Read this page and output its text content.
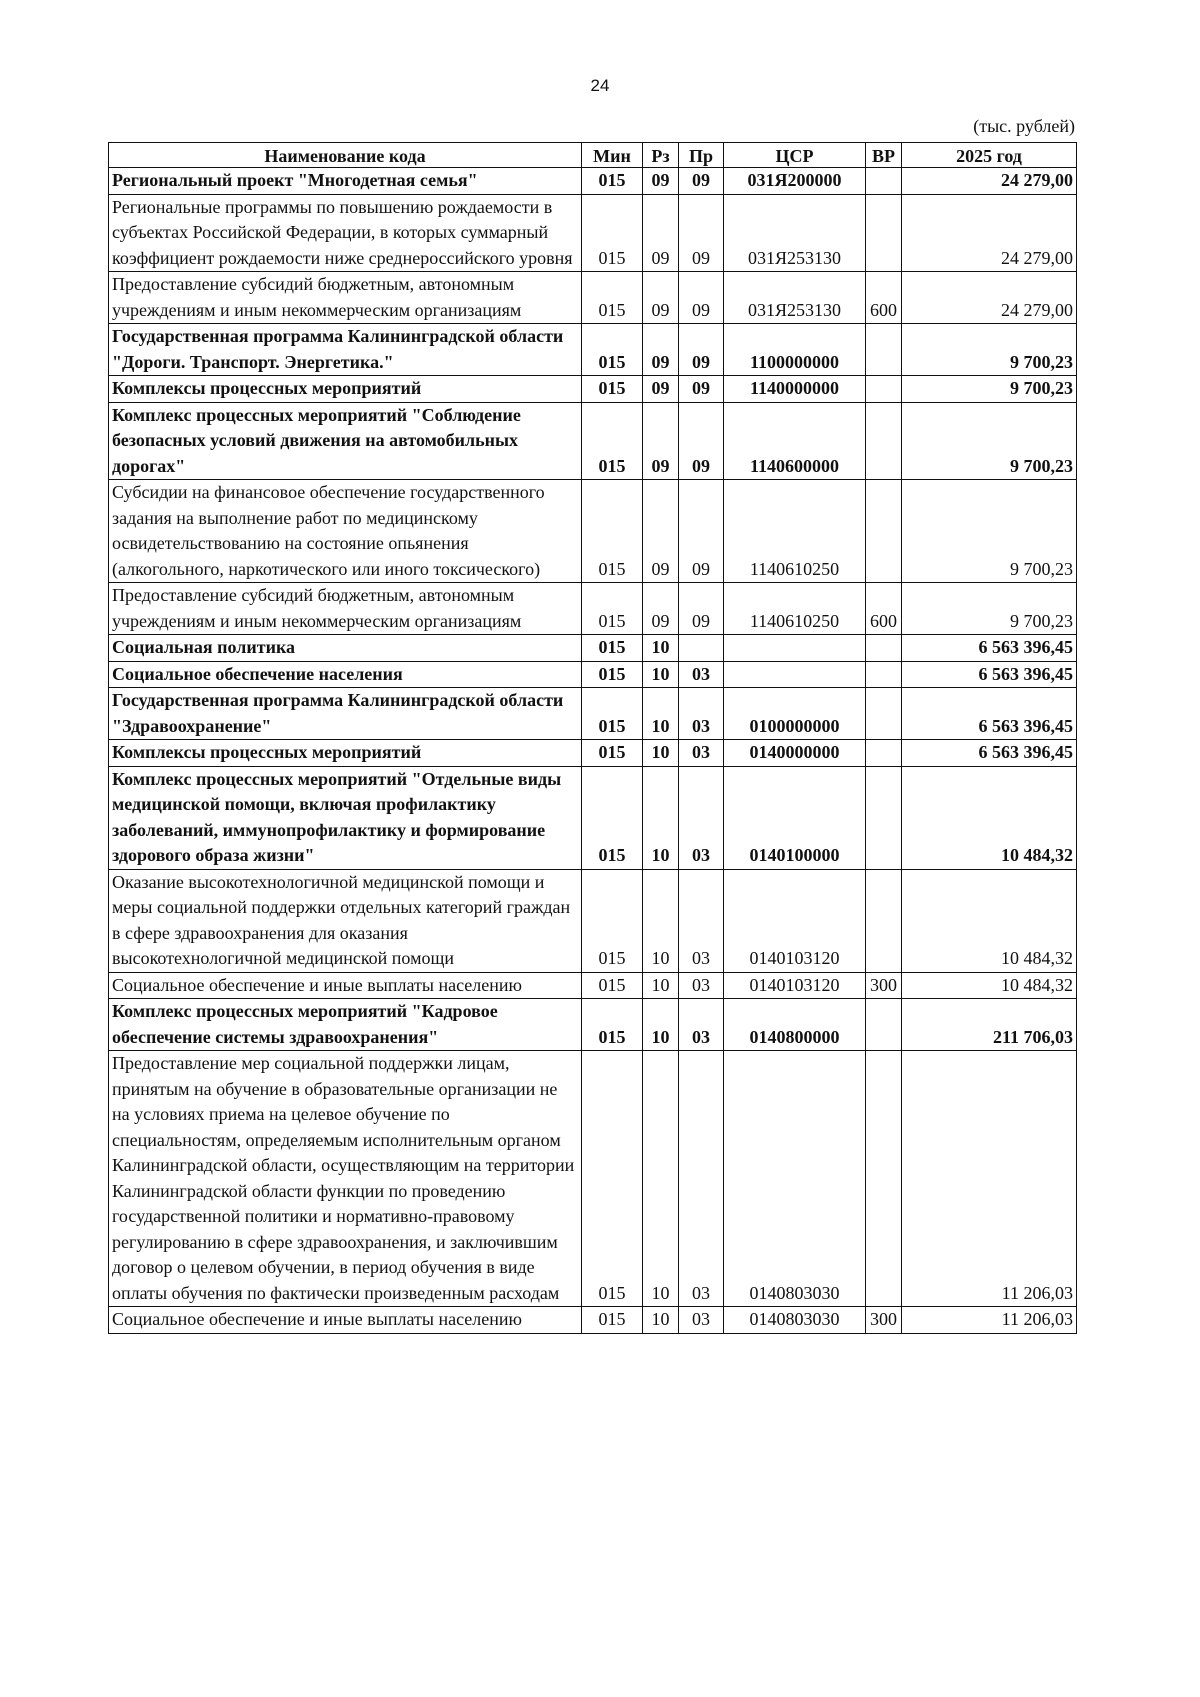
24
(тыс. рублей)
Наименование кода	Мин	Рз	Пр	ЦСР	ВР	2025 год
Региональный проект "Многодетная семья"	015	09	09	031Я200000		24 279,00
Региональные программы по повышению рождаемости в субъектах Российской Федерации, в которых суммарный коэффициент рождаемости ниже среднероссийского уровня	015	09	09	031Я253130		24 279,00
Предоставление субсидий бюджетным, автономным учреждениям и иным некоммерческим организациям	015	09	09	031Я253130	600	24 279,00
Государственная программа Калининградской области "Дороги. Транспорт. Энергетика."	015	09	09	1100000000		9 700,23
Комплексы процессных мероприятий	015	09	09	1140000000		9 700,23
Комплекс процессных мероприятий "Соблюдение безопасных условий движения на автомобильных дорогах"	015	09	09	1140600000		9 700,23
Субсидии на финансовое обеспечение государственного задания на выполнение работ по медицинскому освидетельствованию на состояние опьянения (алкогольного, наркотического или иного токсического)	015	09	09	1140610250		9 700,23
Предоставление субсидий бюджетным, автономным учреждениям и иным некоммерческим организациям	015	09	09	1140610250	600	9 700,23
Социальная политика	015	10				6 563 396,45
Социальное обеспечение населения	015	10	03			6 563 396,45
Государственная программа Калининградской области "Здравоохранение"	015	10	03	0100000000		6 563 396,45
Комплексы процессных мероприятий	015	10	03	0140000000		6 563 396,45
Комплекс процессных мероприятий "Отдельные виды медицинской помощи, включая профилактику заболеваний, иммунопрофилактику и формирование здорового образа жизни"	015	10	03	0140100000		10 484,32
Оказание высокотехнологичной медицинской помощи и меры социальной поддержки отдельных категорий граждан в сфере здравоохранения для оказания высокотехнологичной медицинской помощи	015	10	03	0140103120		10 484,32
Социальное обеспечение и иные выплаты населению	015	10	03	0140103120	300	10 484,32
Комплекс процессных мероприятий "Кадровое обеспечение системы здравоохранения"	015	10	03	0140800000		211 706,03
Предоставление мер социальной поддержки лицам, принятым на обучение в образовательные организации не на условиях приема на целевое обучение по специальностям, определяемым исполнительным органом Калининградской области, осуществляющим на территории Калининградской области функции по проведению государственной политики и нормативно-правовому регулированию в сфере здравоохранения, и заключившим договор о целевом обучении, в период обучения в виде оплаты обучения по фактически произведенным расходам	015	10	03	0140803030		11 206,03
Социальное обеспечение и иные выплаты населению	015	10	03	0140803030	300	11 206,03
